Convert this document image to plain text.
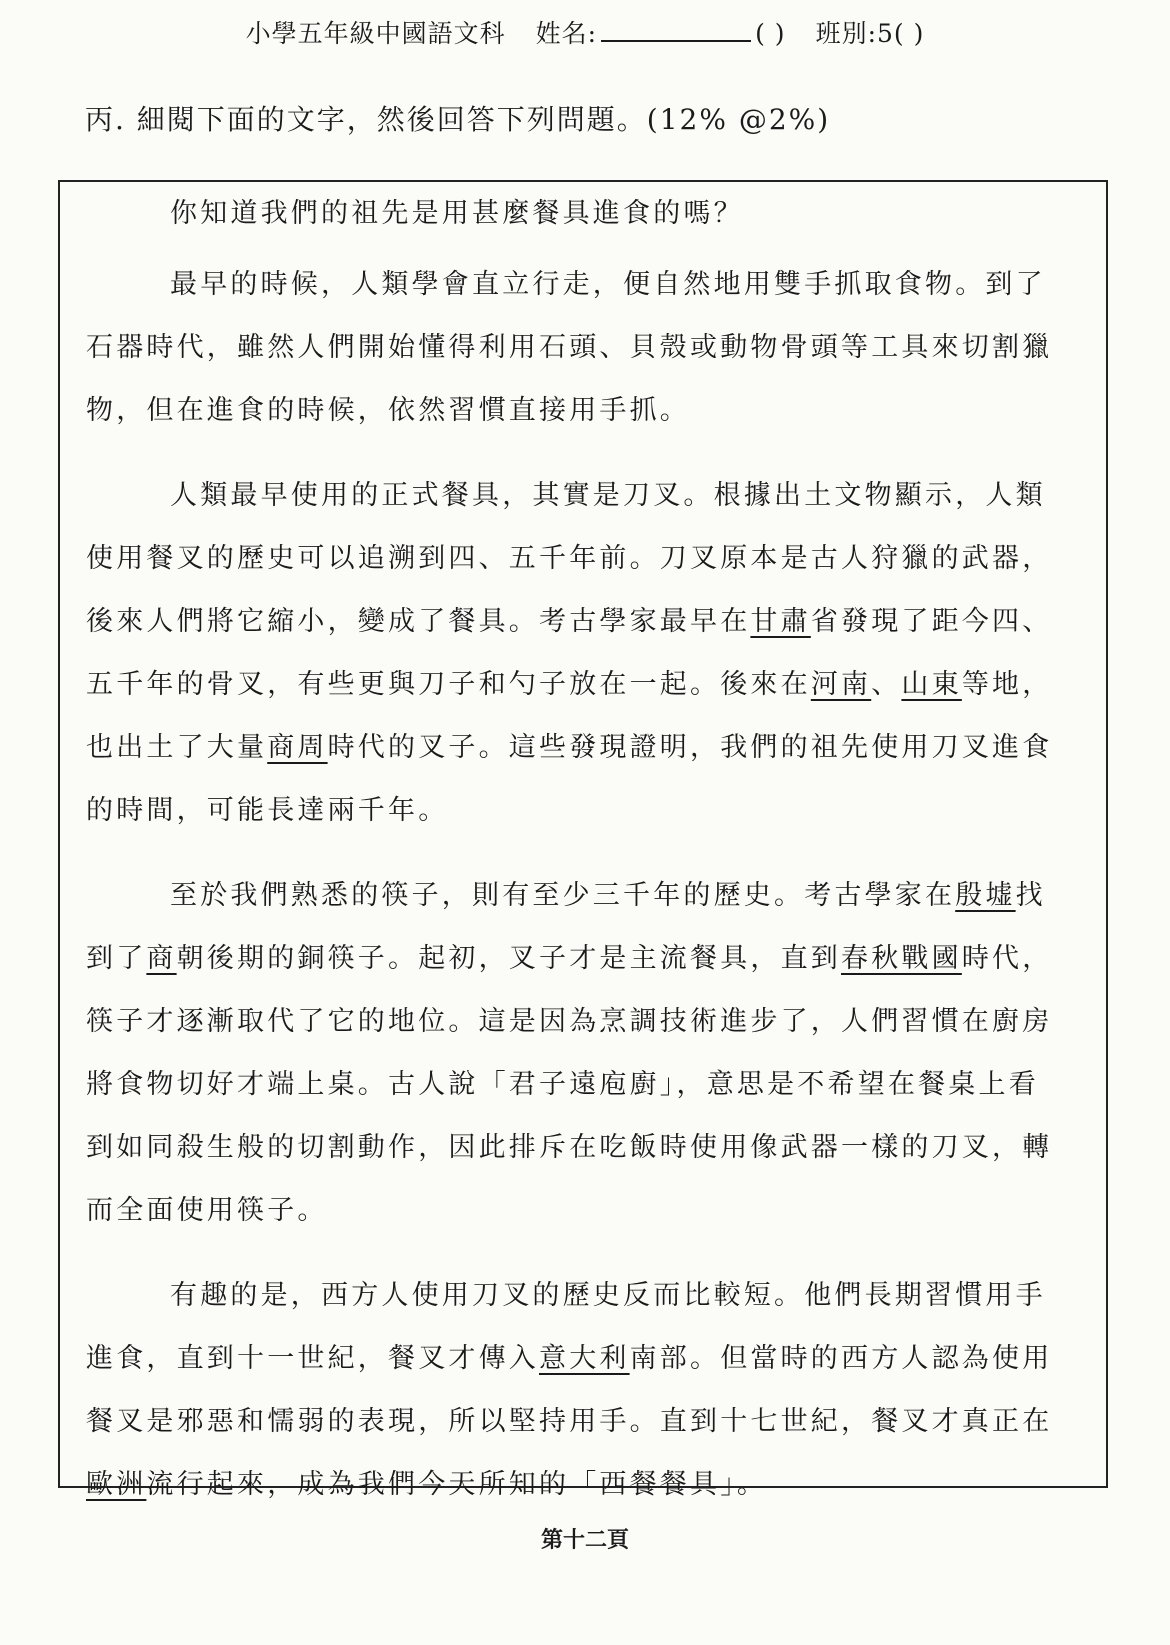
小學五年級中國語文科 姓名:	( ) 班別:5( )
丙. 細閱下面的文字，然後回答下列問題。(12% @2%)

你知道我們的祖先是用甚麼餐具進食的嗎？

最早的時候，人類學會直立行走，便自然地用雙手抓取食物。到了石器時代，雖然人們開始懂得利用石頭、貝殼或動物骨頭等工具來切割獵物，但在進食的時候，依然習慣直接用手抓。

人類最早使用的正式餐具，其實是刀叉。根據出土文物顯示，人類使用餐叉的歷史可以追溯到四、五千年前。刀叉原本是古人狩獵的武器，後來人們將它縮小，變成了餐具。考古學家最早在甘肅省發現了距今四、五千年的骨叉，有些更與刀子和勺子放在一起。後來在河南、山東等地，也出土了大量商周時代的叉子。這些發現證明，我們的祖先使用刀叉進食的時間，可能長達兩千年。

至於我們熟悉的筷子，則有至少三千年的歷史。考古學家在殷墟找到了商朝後期的銅筷子。起初，叉子才是主流餐具，直到春秋戰國時代，筷子才逐漸取代了它的地位。這是因為烹調技術進步了，人們習慣在廚房將食物切好才端上桌。古人說「君子遠庖廚」，意思是不希望在餐桌上看到如同殺生般的切割動作，因此排斥在吃飯時使用像武器一樣的刀叉，轉而全面使用筷子。

有趣的是，西方人使用刀叉的歷史反而比較短。他們長期習慣用手進食，直到十一世紀，餐叉才傳入意大利南部。但當時的西方人認為使用餐叉是邪惡和懦弱的表現，所以堅持用手。直到十七世紀，餐叉才真正在歐洲流行起來，成為我們今天所知的「西餐餐具」。

第十二頁
